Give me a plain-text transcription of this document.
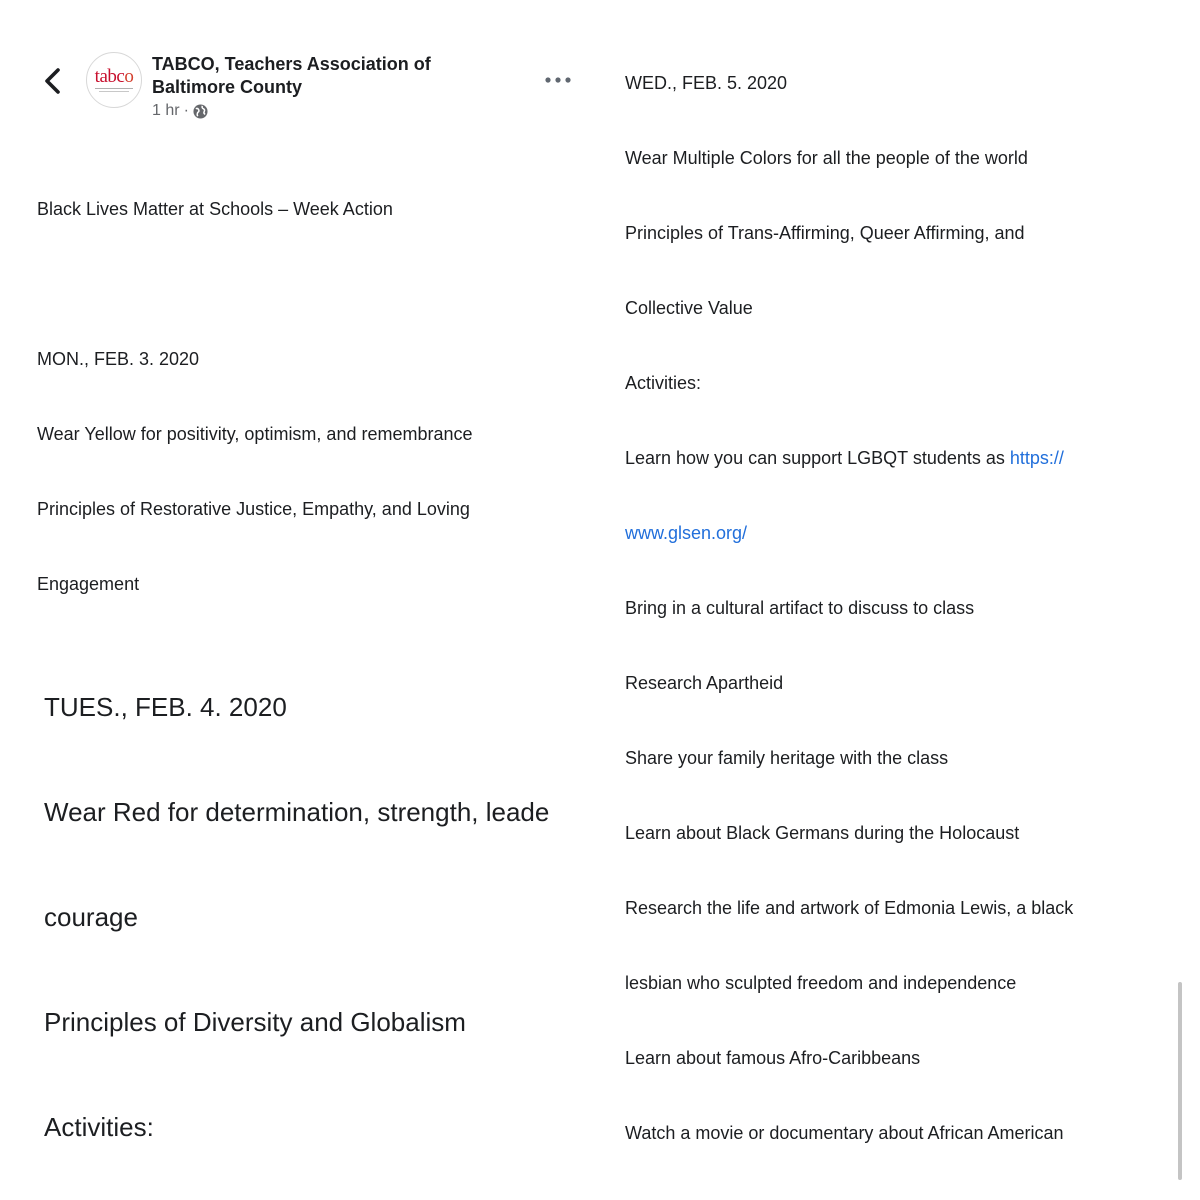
tabco
TABCO, Teachers Association of Baltimore County
1 hr ·

Black Lives Matter at Schools – Week Action

MON., FEB. 3. 2020

Wear Yellow for positivity, optimism, and remembrance

Principles of Restorative Justice, Empathy, and Loving

Engagement

TUES., FEB. 4. 2020

Wear Red for determination, strength, leade

courage

Principles of Diversity and Globalism

Activities:

WED., FEB. 5. 2020

Wear Multiple Colors for all the people of the world

Principles of Trans-Affirming, Queer Affirming, and

Collective Value

Activities:

Learn how you can support LGBQT students as https://

www.glsen.org/

Bring in a cultural artifact to discuss to class

Research Apartheid

Share your family heritage with the class

Learn about Black Germans during the Holocaust

Research the life and artwork of Edmonia Lewis, a black

lesbian who sculpted freedom and independence

Learn about famous Afro-Caribbeans

Watch a movie or documentary about African American
